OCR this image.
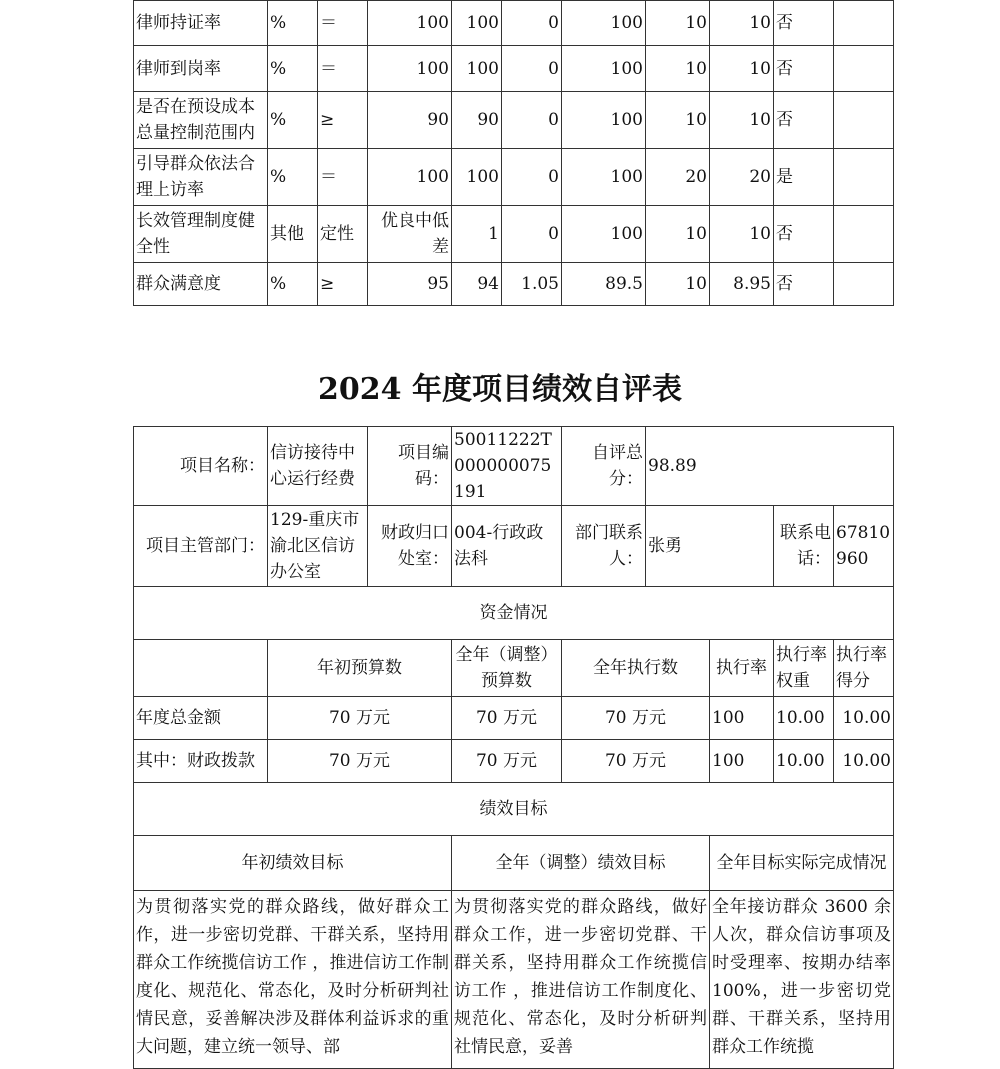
律师持证率	%	＝	100	100	0	100	10	10	否	
律师到岗率	%	＝	100	100	0	100	10	10	否	
是否在预设成本总量控制范围内	%	≥	90	90	0	100	10	10	否	
引导群众依法合理上访率	%	＝	100	100	0	100	20	20	是	
长效管理制度健全性	其他	定性	优良中低差	1	0	100	10	10	否	
群众满意度	%	≥	95	94	1.05	89.5	10	8.95	否	
2024 年度项目绩效自评表
项目名称：	信访接待中心运行经费	项目编码：	50011222T000000075191	自评总分：	98.89			
项目主管部门：	129-重庆市渝北区信访办公室	财政归口处室：	004-行政政法科	部门联系人：	张勇		联系电话：	67810960
资金情况								
	年初预算数		全年（调整）预算数	全年执行数		执行率	执行率权重	执行率得分
年度总金额	70 万元		70 万元	70 万元		100	10.00	10.00
其中：财政拨款	70 万元		70 万元	70 万元		100	10.00	10.00
绩效目标								
年初绩效目标			全年（调整）绩效目标			全年目标实际完成情况		
为贯彻落实党的群众路线，做好群众工作，进一步密切党群、干群关系，坚持用群众工作统揽信访工作 ，推进信访工作制度化、规范化、常态化，及时分析研判社情民意，妥善解决涉及群体利益诉求的重大问题，建立统一领导、部			为贯彻落实党的群众路线，做好群众工作，进一步密切党群、干群关系，坚持用群众工作统揽信访工作 ，推进信访工作制度化、规范化、常态化，及时分析研判社情民意，妥善			全年接访群众 3600 余人次，群众信访事项及时受理率、按期办结率 100%，进一步密切党群、干群关系，坚持用群众工作统揽		
